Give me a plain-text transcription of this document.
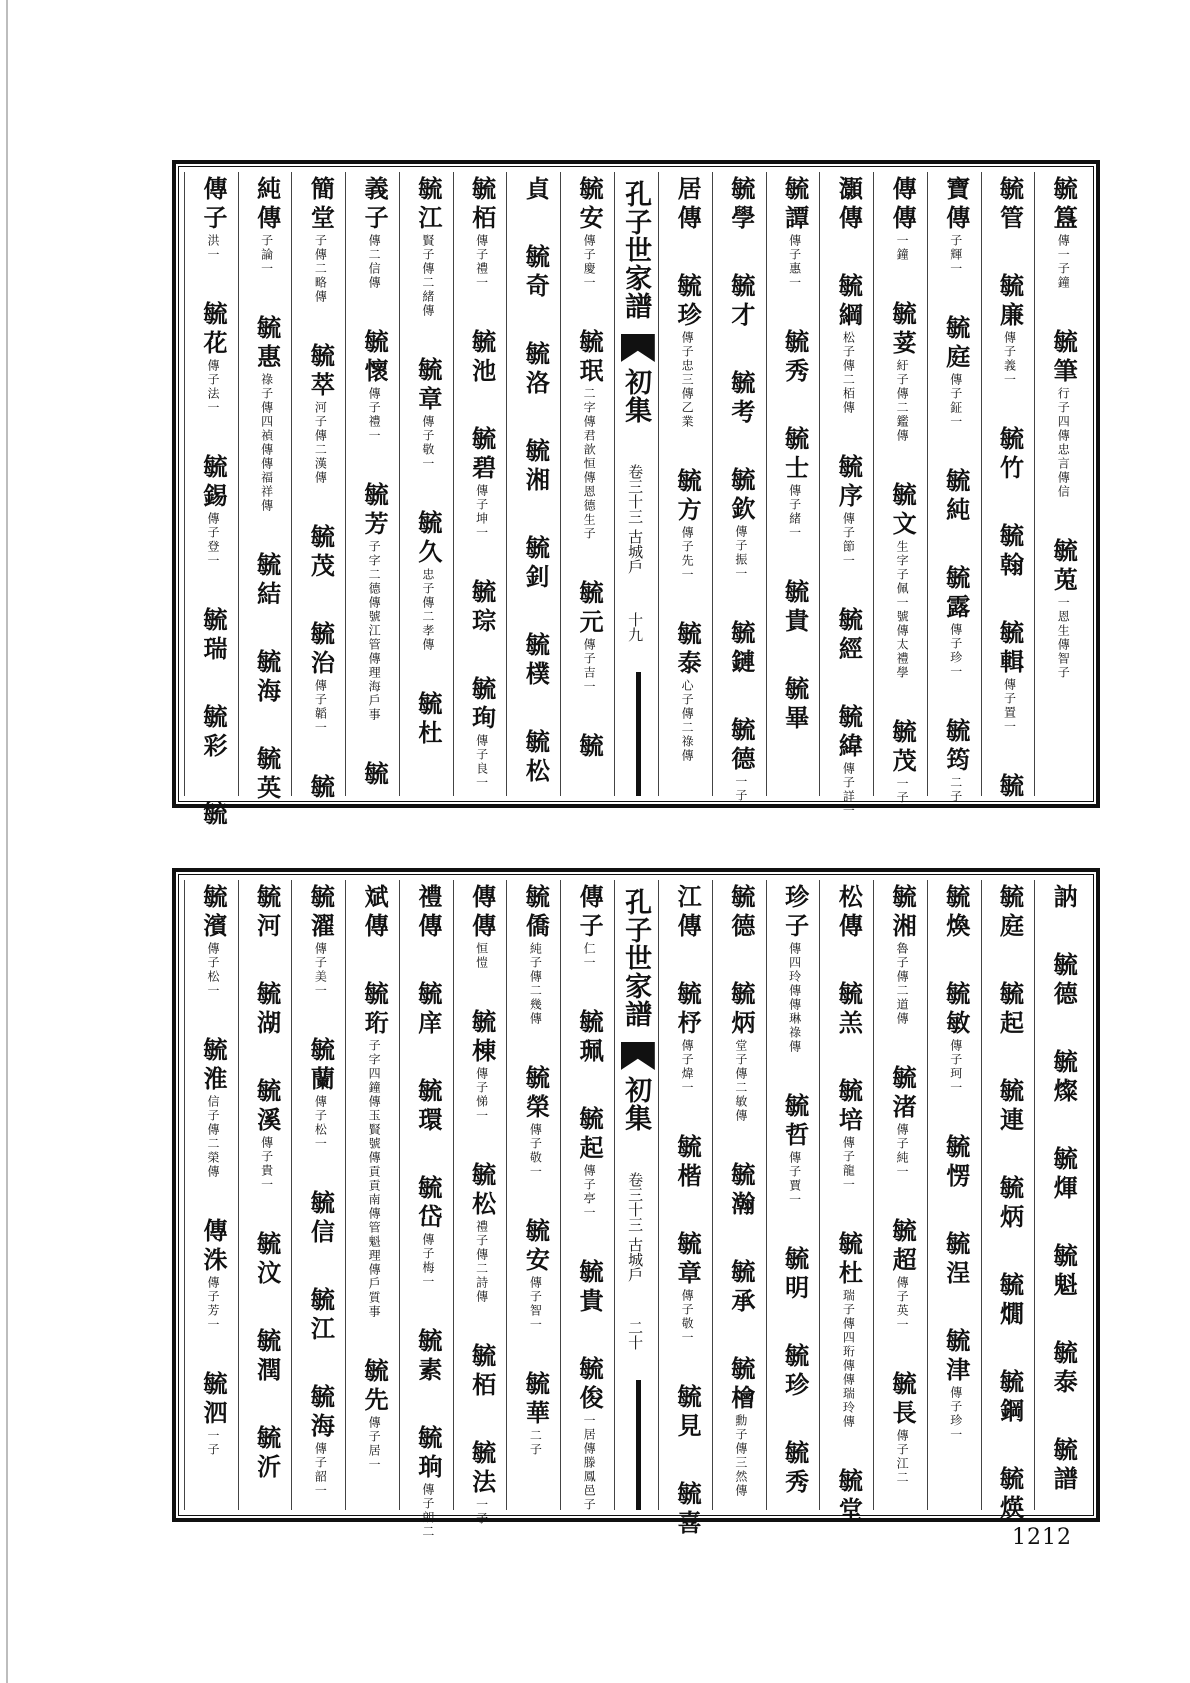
毓簋傳一子鐘　毓筆行子四傳忠言傳信　毓莵一恩生傳智子
毓管　毓廉傳子義一　毓竹　毓翰　毓輯傳子置一　毓
寶傳子輝一　毓庭傳子鉦一　毓純　毓露傳子珍一　毓筠二子
傳傳一鐘　毓荽紆子傳二鑑傳　毓文生字子佩一號傳太禮學　毓茂一子
灝傳　毓綱松子傳二栢傳　毓序傳子節一　毓經　毓緯傳子詳一
毓譚傳子惠一　毓秀　毓士傳子緒一　毓貴　毓畢
毓學　毓才　毓考　毓欽傳子振一　毓鏈　毓德一子
居傳　毓珍傳子忠三傳乙業　毓方傳子先一　毓泰心子傳二祿傳
孔子世家譜
初集
卷三十三 古城戶
十九
毓安傳子慶一　毓珉二字傳君歆恒傳恩德生子　毓元傳子吉一　毓
貞　毓奇　毓洛　毓湘　毓釗　毓樸　毓松
毓栢傳子禮一　毓池　毓碧傳子坤一　毓琮　毓珣傳子良一
毓江賢子傳二緒傳　毓章傳子敬一　毓久忠子傳二孝傳　毓杜
義子傳二信傳　毓懷傳子禮一　毓芳子字二德傳號江管傳理海戶事　毓
簡堂子傳二略傳　毓萃河子傳二漢傳　毓茂　毓治傳子韜一　毓
純傳子論一　毓惠祿子傳四禎傳傳福祥傳　毓結　毓海　毓英
傳子洪一　毓花傳子法一　毓錫傳子登一　毓瑞　毓彩　毓
訥　毓德　毓燦　毓煇　毓魁　毓泰　毓譜
毓庭　毓起　毓連　毓炳　毓燗　毓鋼　毓煐
毓煥　毓敏傳子珂一　毓愣　毓浧　毓津傳子珍一
毓湘魯子傳二道傳　毓渚傳子純一　毓超傳子英一　毓長傳子江二
松傳　毓羔　毓培傳子龍一　毓杜瑞子傳四珩傳傳瑞玲傳　毓堂
珍子傳四玲傳傳琳祿傳　毓哲傳子賈一　毓明　毓珍　毓秀
毓德　毓炳堂子傳二敏傳　毓瀚　毓承　毓檜勳子傳三然傳
江傳　毓杼傳子煒一　毓楷　毓章傳子敬一　毓見　毓喜
孔子世家譜
初集
卷三十三 古城戶
二十
傳子仁一　毓珮　毓起傳子亭一　毓貴　毓俊一居傳滕鳳邑子
毓僑純子傳二幾傳　毓榮傳子敬一　毓安傳子智一　毓華二子
傳傳恒愷　毓棟傳子悌一　毓松禮子傳二詩傳　毓栢　毓法一子
禮傳　毓庠　毓環　毓岱傳子梅一　毓素　毓珦傳子朗二
斌傳　毓珩子字四鐘傳玉賢號傳貢貢南傳管魁理傳戶質事　毓先傳子居一
毓濯傳子美一　毓蘭傳子松一　毓信　毓江　毓海傳子韶一
毓河　毓湖　毓溪傳子貴一　毓汶　毓潤　毓沂
毓濱傳子松一　毓淮信子傳二榮傳　傳洙傳子芳一　毓泗一子
1212
